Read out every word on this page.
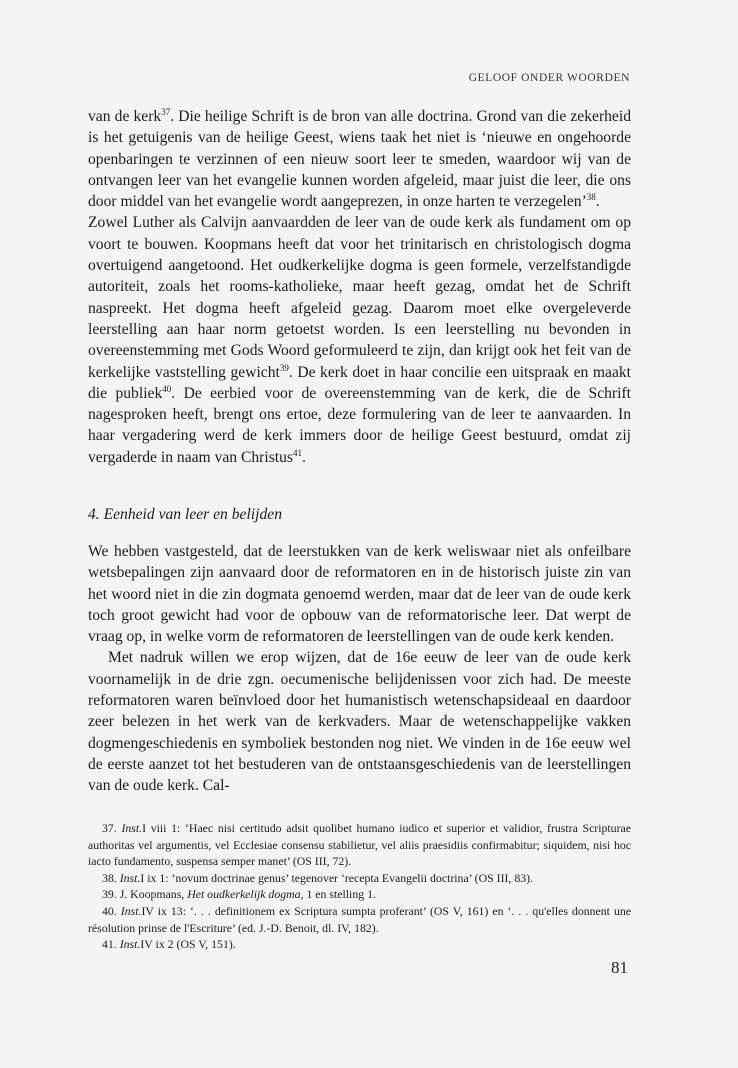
GELOOF ONDER WOORDEN

van de kerk$^{37}$. Die heilige Schrift is de bron van alle doctrina. Grond van die zekerheid is het getuigenis van de heilige Geest, wiens taak het niet is ‘nieuwe en ongehoorde openbaringen te verzinnen of een nieuw soort leer te smeden, waardoor wij van de ontvangen leer van het evangelie kunnen worden afgeleid, maar juist die leer, die ons door middel van het evangelie wordt aangeprezen, in onze harten te verzegelen’$^{38}$.

Zowel Luther als Calvijn aanvaardden de leer van de oude kerk als fundament om op voort te bouwen. Koopmans heeft dat voor het trinitarisch en christologisch dogma overtuigend aangetoond. Het oudkerkelijke dogma is geen formele, verzelfstandigde autoriteit, zoals het rooms-katholieke, maar heeft gezag, omdat het de Schrift naspreekt. Het dogma heeft afgeleid gezag. Daarom moet elke overgeleverde leerstelling aan haar norm getoetst worden. Is een leerstelling nu bevonden in overeenstemming met Gods Woord geformuleerd te zijn, dan krijgt ook het feit van de kerkelijke vaststelling gewicht$^{39}$. De kerk doet in haar concilie een uitspraak en maakt die publiek$^{40}$. De eerbied voor de overeenstemming van de kerk, die de Schrift nagesproken heeft, brengt ons ertoe, deze formulering van de leer te aanvaarden. In haar vergadering werd de kerk immers door de heilige Geest bestuurd, omdat zij vergaderde in naam van Christus$^{41}$.

4. Eenheid van leer en belijden

We hebben vastgesteld, dat de leerstukken van de kerk weliswaar niet als onfeilbare wetsbepalingen zijn aanvaard door de reformatoren en in de historisch juiste zin van het woord niet in die zin dogmata genoemd werden, maar dat de leer van de oude kerk toch groot gewicht had voor de opbouw van de reformatorische leer. Dat werpt de vraag op, in welke vorm de reformatoren de leerstellingen van de oude kerk kenden.

Met nadruk willen we erop wijzen, dat de 16e eeuw de leer van de oude kerk voornamelijk in de drie zgn. oecumenische belijdenissen voor zich had. De meeste reformatoren waren beïnvloed door het humanistisch wetenschapsideaal en daardoor zeer belezen in het werk van de kerkvaders. Maar de wetenschappelijke vakken dogmengeschiedenis en symboliek bestonden nog niet. We vinden in de 16e eeuw wel de eerste aanzet tot het bestuderen van de ontstaansgeschiedenis van de leerstellingen van de oude kerk. Cal-

37. Inst.I viii 1: ‘Haec nisi certitudo adsit quolibet humano iudico et superior et validior, frustra Scripturae authoritas vel argumentis, vel Ecclesiae consensu stabilietur, vel aliis praesidiis confirmabitur; siquidem, nisi hoc iacto fundamento, suspensa semper manet’ (OS III, 72).

38. Inst.I ix 1: ‘novum doctrinae genus’ tegenover ‘recepta Evangelii doctrina’ (OS III, 83).

39. J. Koopmans, Het oudkerkelijk dogma, 1 en stelling 1.

40. Inst.IV ix 13: ‘. . . definitionem ex Scriptura sumpta proferant’ (OS V, 161) en ‘. . . qu'elles donnent une résolution prinse de l'Escriture’ (ed. J.-D. Benoit, dl. IV, 182).

41. Inst.IV ix 2 (OS V, 151).

81
